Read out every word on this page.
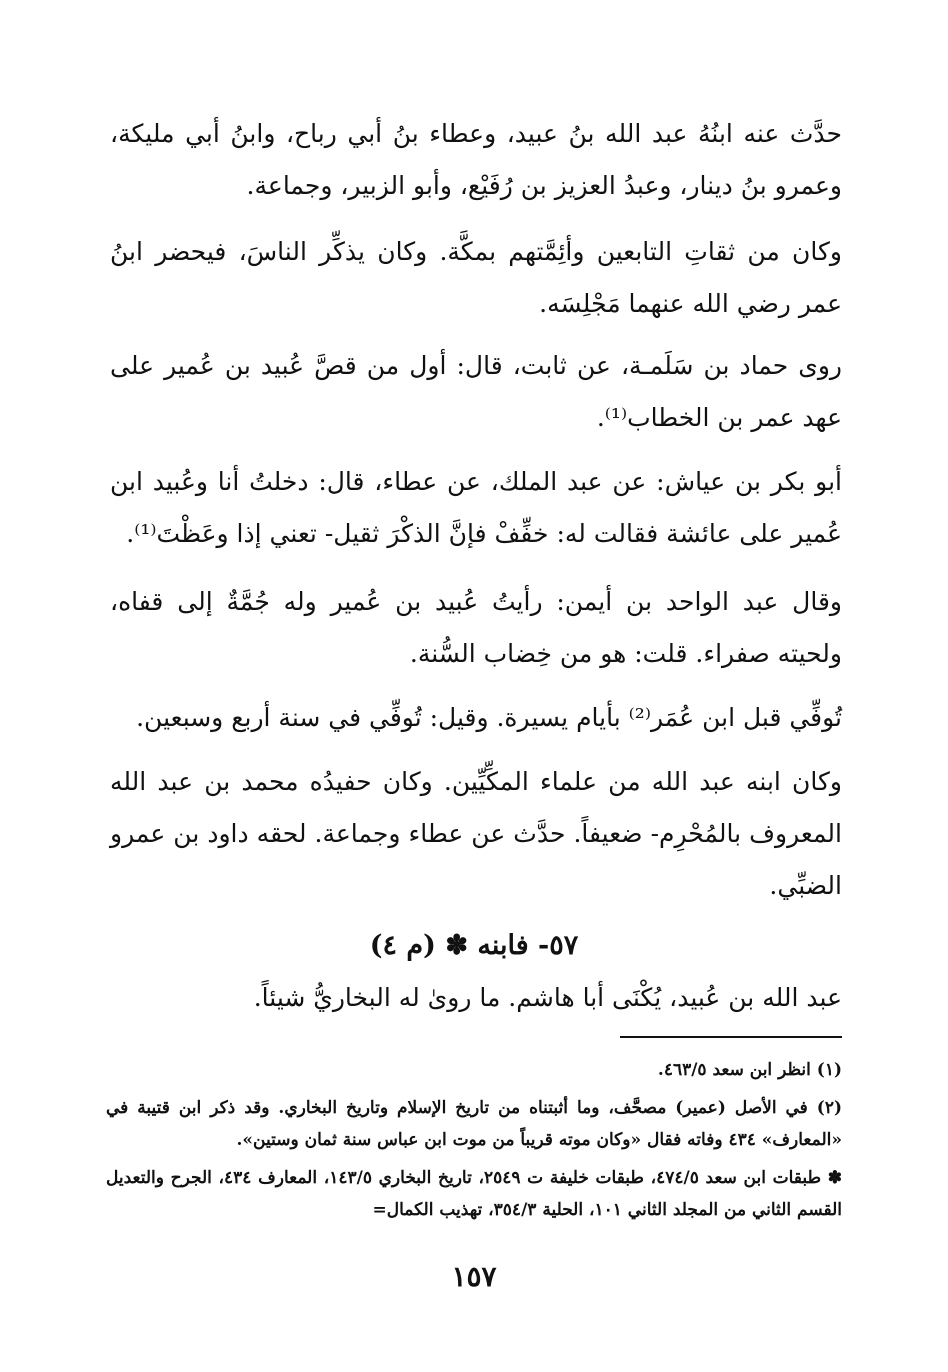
حدَّث عنه ابنُهُ عبد الله بنُ عبيد، وعطاء بنُ أبي رباح، وابنُ أبي مليكة، وعمرو بنُ دينار، وعبدُ العزيز بن رُفَيْع، وأبو الزبير، وجماعة.

وكان من ثقاتِ التابعين وأئِمَّتهم بمكَّة. وكان يذكِّر الناسَ، فيحضر ابنُ عمر رضي الله عنهما مَجْلِسَه.

روى حماد بن سَلَمـة، عن ثابت، قال: أول من قصَّ عُبيد بن عُمير على عهد عمر بن الخطاب⁽¹⁾.

أبو بكر بن عياش: عن عبد الملك، عن عطاء، قال: دخلتُ أنا وعُبيد ابن عُمير على عائشة فقالت له: خفِّفْ فإنَّ الذكْرَ ثقيل- تعني إذا وعَظْتَ⁽¹⁾.

وقال عبد الواحد بن أيمن: رأيتُ عُبيد بن عُمير وله جُمَّةٌ إلى قفاه، ولحيته صفراء. قلت: هو من خِضاب السُّنة.

تُوفِّي قبل ابن عُمَر⁽²⁾ بأيام يسيرة. وقيل: تُوفِّي في سنة أربع وسبعين.

وكان ابنه عبد الله من علماء المكِّيِّين. وكان حفيدُه محمد بن عبد الله المعروف بالمُحْرِم- ضعيفاً. حدَّث عن عطاء وجماعة. لحقه داود بن عمرو الضبِّي.

٥٧- فابنه ✽ (م ٤)

عبد الله بن عُبيد، يُكْنَى أبا هاشم. ما روىٰ له البخاريُّ شيئاً.

(١) انظر ابن سعد ٤٦٣/٥.

(٢) في الأصل (عمير) مصحَّف، وما أثبتناه من تاريخ الإسلام وتاريخ البخاري. وقد ذكر ابن قتيبة في «المعارف» ٤٣٤ وفاته فقال «وكان موته قريباً من موت ابن عباس سنة ثمان وستين».

✽ طبقات ابن سعد ٤٧٤/٥، طبقات خليفة ت ٢٥٤٩، تاريخ البخاري ١٤٣/٥، المعارف ٤٣٤، الجرح والتعديل القسم الثاني من المجلد الثاني ١٠١، الحلية ٣٥٤/٣، تهذيب الكمال=

١٥٧
